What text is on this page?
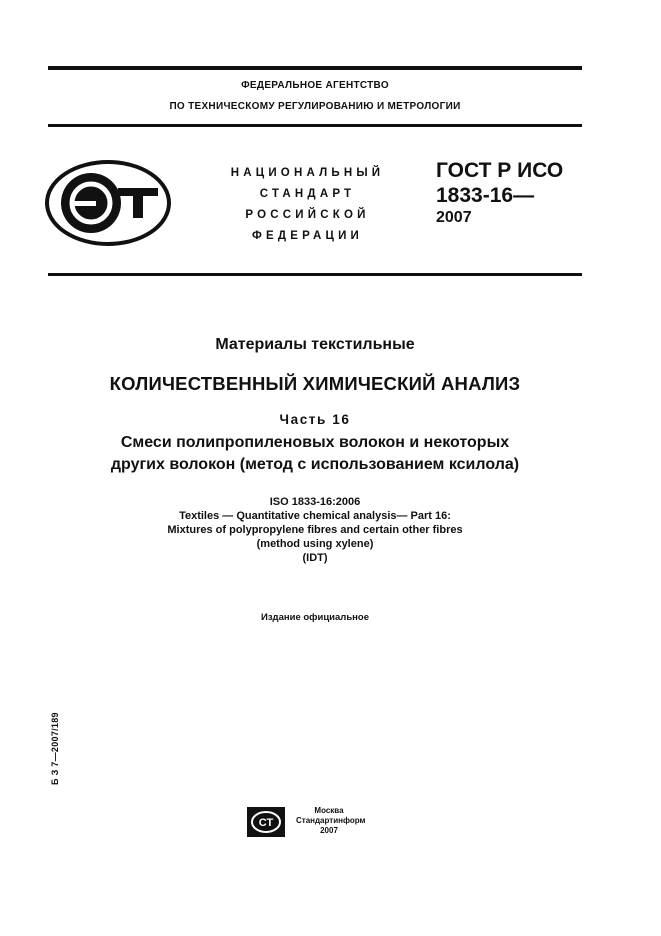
ФЕДЕРАЛЬНОЕ АГЕНТСТВО
ПО ТЕХНИЧЕСКОМУ РЕГУЛИРОВАНИЮ И МЕТРОЛОГИИ
НАЦИОНАЛЬНЫЙ
СТАНДАРТ
РОССИЙСКОЙ
ФЕДЕРАЦИИ
ГОСТ Р ИСО
1833-16—
2007
Материалы текстильные
КОЛИЧЕСТВЕННЫЙ ХИМИЧЕСКИЙ АНАЛИЗ
Часть 16
Смеси полипропиленовых волокон и некоторых
других волокон (метод с использованием ксилола)
ISO 1833-16:2006
Textiles — Quantitative chemical analysis— Part 16:
Mixtures of polypropylene fibres and certain other fibres
(method using xylene)
(IDT)
Издание официальное
Б З 7—2007/189
СТ
Москва
Стандартинформ
2007
